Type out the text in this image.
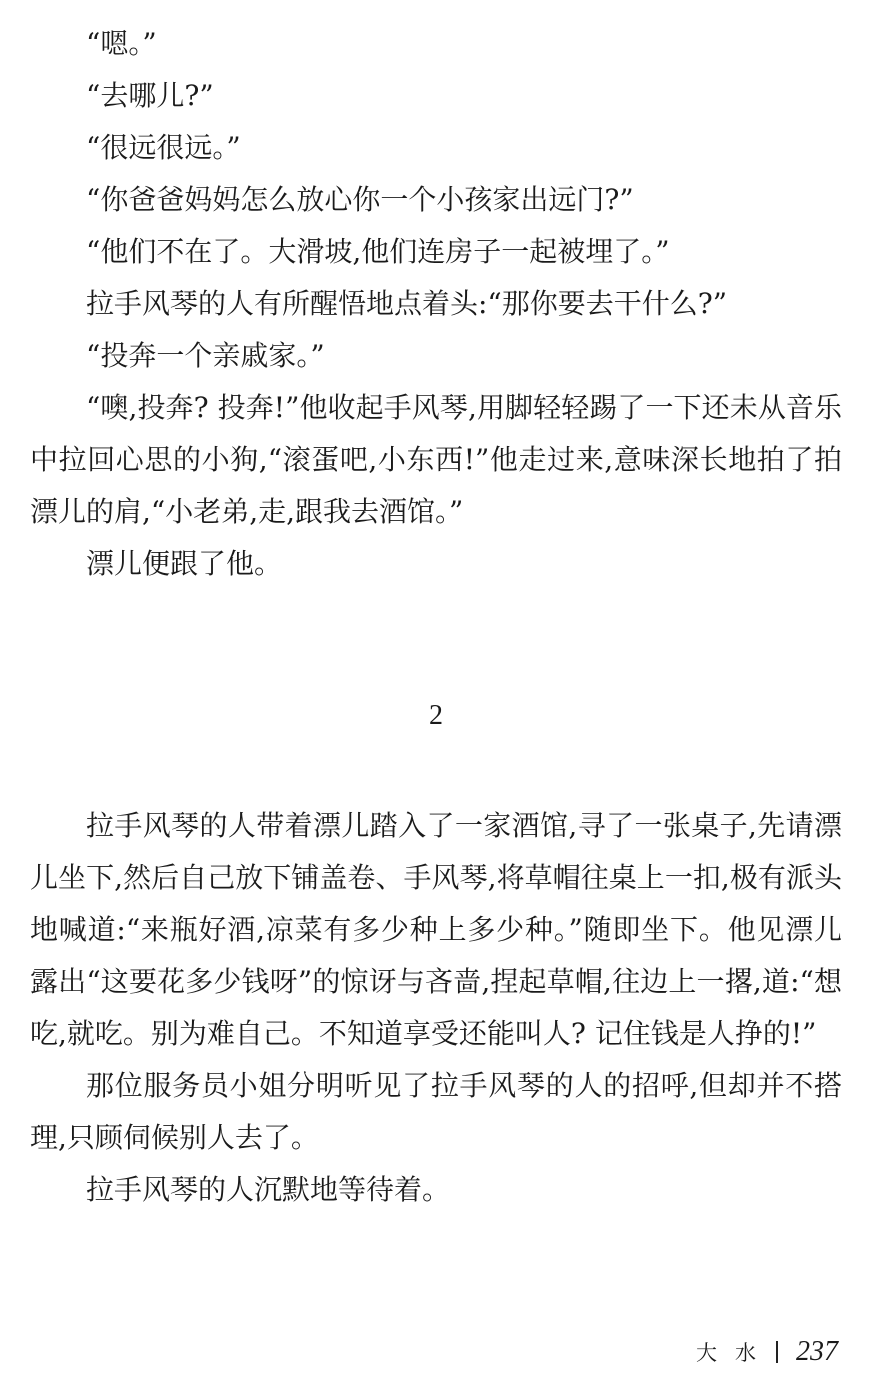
“嗯。”

“去哪儿?”

“很远很远。”

“你爸爸妈妈怎么放心你一个小孩家出远门?”

“他们不在了。大滑坡,他们连房子一起被埋了。”

拉手风琴的人有所醒悟地点着头:“那你要去干什么?”

“投奔一个亲戚家。”

“噢,投奔? 投奔!”他收起手风琴,用脚轻轻踢了一下还未从音乐中拉回心思的小狗,“滚蛋吧,小东西!”他走过来,意味深长地拍了拍漂儿的肩,“小老弟,走,跟我去酒馆。”

漂儿便跟了他。

2

拉手风琴的人带着漂儿踏入了一家酒馆,寻了一张桌子,先请漂儿坐下,然后自己放下铺盖卷、手风琴,将草帽往桌上一扣,极有派头地喊道:“来瓶好酒,凉菜有多少种上多少种。”随即坐下。他见漂儿露出“这要花多少钱呀”的惊讶与吝啬,捏起草帽,往边上一撂,道:“想吃,就吃。别为难自己。不知道享受还能叫人? 记住钱是人挣的!”

那位服务员小姐分明听见了拉手风琴的人的招呼,但却并不搭理,只顾伺候别人去了。

拉手风琴的人沉默地等待着。

大水 237
